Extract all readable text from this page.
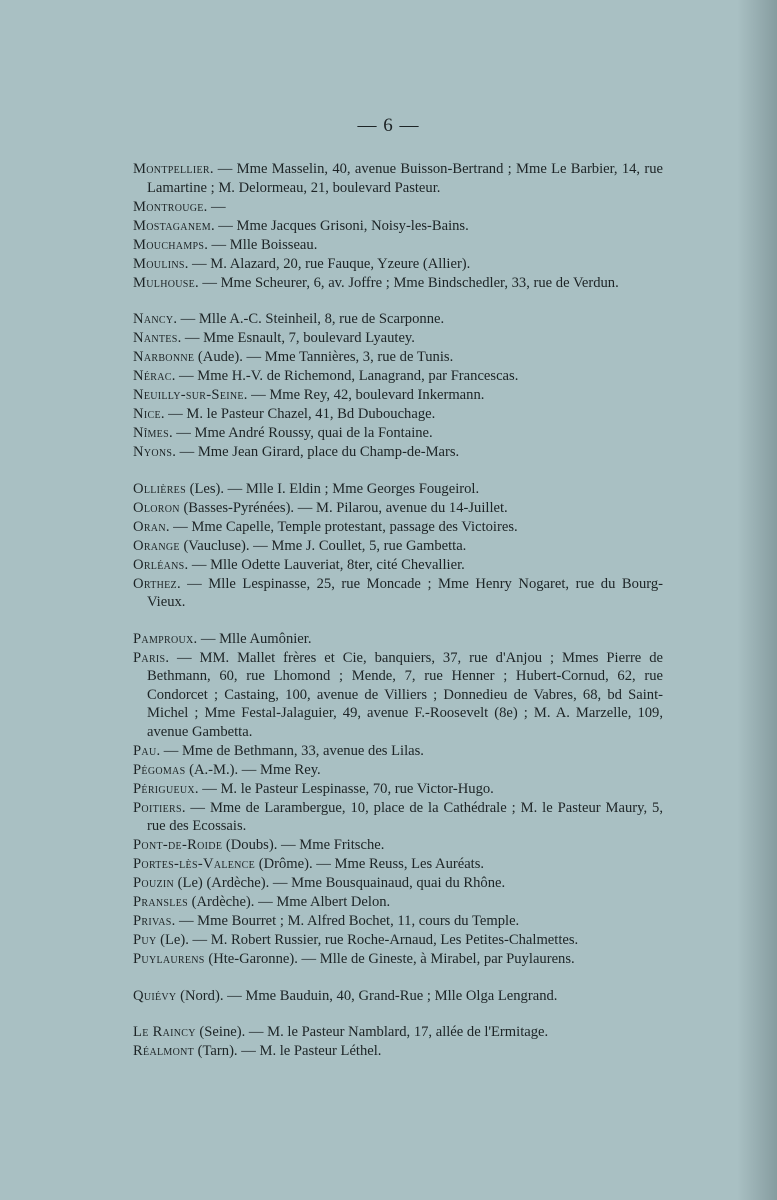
— 6 —
Montpellier. — Mme Masselin, 40, avenue Buisson-Bertrand ; Mme Le Barbier, 14, rue Lamartine ; M. Delormeau, 21, boulevard Pasteur.
Montrouge. —
Mostaganem. — Mme Jacques Grisoni, Noisy-les-Bains.
Mouchamps. — Mlle Boisseau.
Moulins. — M. Alazard, 20, rue Fauque, Yzeure (Allier).
Mulhouse. — Mme Scheurer, 6, av. Joffre ; Mme Bindschedler, 33, rue de Verdun.
Nancy. — Mlle A.-C. Steinheil, 8, rue de Scarponne.
Nantes. — Mme Esnault, 7, boulevard Lyautey.
Narbonne (Aude). — Mme Tannières, 3, rue de Tunis.
Nérac. — Mme H.-V. de Richemond, Lanagrand, par Francescas.
Neuilly-sur-Seine. — Mme Rey, 42, boulevard Inkermann.
Nice. — M. le Pasteur Chazel, 41, Bd Dubouchage.
Nîmes. — Mme André Roussy, quai de la Fontaine.
Nyons. — Mme Jean Girard, place du Champ-de-Mars.
Ollières (Les). — Mlle I. Eldin ; Mme Georges Fougeirol.
Oloron (Basses-Pyrénées). — M. Pilarou, avenue du 14-Juillet.
Oran. — Mme Capelle, Temple protestant, passage des Victoires.
Orange (Vaucluse). — Mme J. Coullet, 5, rue Gambetta.
Orléans. — Mlle Odette Lauveriat, 8ter, cité Chevallier.
Orthez. — Mlle Lespinasse, 25, rue Moncade ; Mme Henry Nogaret, rue du Bourg-Vieux.
Pamproux. — Mlle Aumônier.
Paris. — MM. Mallet frères et Cie, banquiers, 37, rue d'Anjou ; Mmes Pierre de Bethmann, 60, rue Lhomond ; Mende, 7, rue Henner ; Hubert-Cornud, 62, rue Condorcet ; Castaing, 100, avenue de Villiers ; Donnedieu de Vabres, 68, bd Saint-Michel ; Mme Festal-Jalaguier, 49, avenue F.-Roosevelt (8e) ; M. A. Marzelle, 109, avenue Gambetta.
Pau. — Mme de Bethmann, 33, avenue des Lilas.
Pégomas (A.-M.). — Mme Rey.
Périgueux. — M. le Pasteur Lespinasse, 70, rue Victor-Hugo.
Poitiers. — Mme de Larambergue, 10, place de la Cathédrale ; M. le Pasteur Maury, 5, rue des Ecossais.
Pont-de-Roide (Doubs). — Mme Fritsche.
Portes-lès-Valence (Drôme). — Mme Reuss, Les Auréats.
Pouzin (Le) (Ardèche). — Mme Bousquainaud, quai du Rhône.
Pransles (Ardèche). — Mme Albert Delon.
Privas. — Mme Bourret ; M. Alfred Bochet, 11, cours du Temple.
Puy (Le). — M. Robert Russier, rue Roche-Arnaud, Les Petites-Chalmettes.
Puylaurens (Hte-Garonne). — Mlle de Gineste, à Mirabel, par Puylaurens.
Quiévy (Nord). — Mme Bauduin, 40, Grand-Rue ; Mlle Olga Lengrand.
Le Raincy (Seine). — M. le Pasteur Namblard, 17, allée de l'Ermitage.
Réalmont (Tarn). — M. le Pasteur Léthel.
